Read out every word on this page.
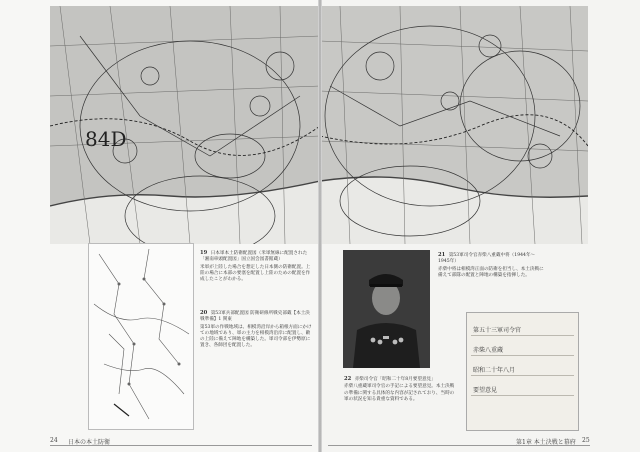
84D
19 日本軍本土防衛配置図（米軍無線に配置された「湘南車頭配置図」国立国会図書館蔵）
米軍が上陸した場合を想定した日本側の防衛配置。上陸の場合に本部の要塞を配置し上陸のための配置を作成したことがわかる。
20 第53軍兵部配置図 防衛研修所戦史部蔵【本土決戦準備】1 関東
第53軍の作戦地域は、相模湾沿岸から箱根方面にかけての地域であり、軍の主力を相模湾沿岸に配置し、敵の上陸に備えて陣地を構築した。軍司令部を伊勢原に置き、各師団を配置した。
24 日本の本土防衛
21 第53軍司令官赤柴八重蔵中将（1944年～1945年）
赤柴中将は相模湾正面の防衛を担当し、本土決戦に備えて部隊の配置と陣地の構築を指揮した。
22 赤柴司令官「昭和二十年8月要望意見」
赤柴八重蔵軍司令官の手記による要望意見。本土決戦の準備に関する具体的な内容が記されており、当時の軍の状況を知る貴重な資料である。
第1章 本土決戦と幕府 25
第五十三軍司令官
赤柴八重蔵
昭和二十年八月
要望意見
